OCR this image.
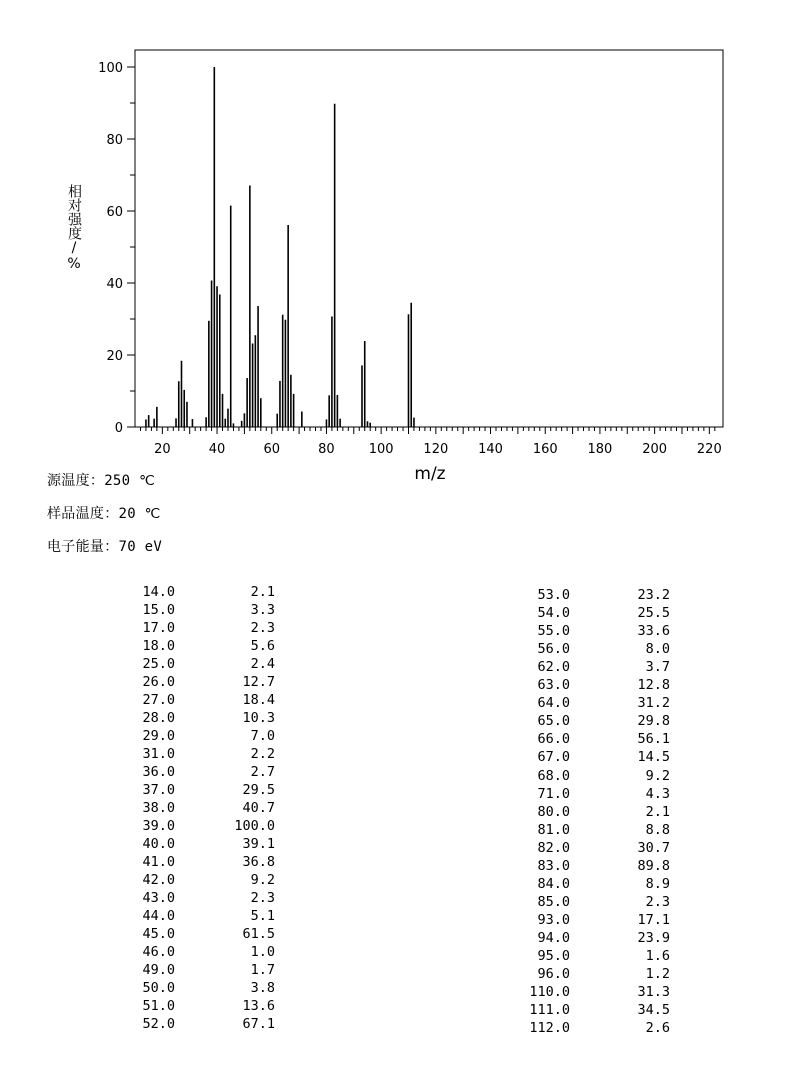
20	40	60	80	100 120 140 160 180 200 220
0
20
40
60
80
100
m/z
相对强度/%
源温度：250 ℃
样品温度：20 ℃
电子能量：70 eV
14.0	2.1
15.0	3.3
17.0	2.3
18.0	5.6
25.0	2.4
26.0	12.7
27.0	18.4
28.0	10.3
29.0	7.0
31.0	2.2
36.0	2.7
37.0	29.5
38.0	40.7
39.0	100.0
40.0	39.1
41.0	36.8
42.0	9.2
43.0	2.3
44.0	5.1
45.0	61.5
46.0	1.0
49.0	1.7
50.0	3.8
51.0	13.6
52.0	67.1
53.0	23.2
54.0	25.5
55.0	33.6
56.0	8.0
62.0	3.7
63.0	12.8
64.0	31.2
65.0	29.8
66.0	56.1
67.0	14.5
68.0	9.2
71.0	4.3
80.0	2.1
81.0	8.8
82.0	30.7
83.0	89.8
84.0	8.9
85.0	2.3
93.0	17.1
94.0	23.9
95.0	1.6
96.0	1.2
110.0	31.3
111.0	34.5
112.0	2.6
